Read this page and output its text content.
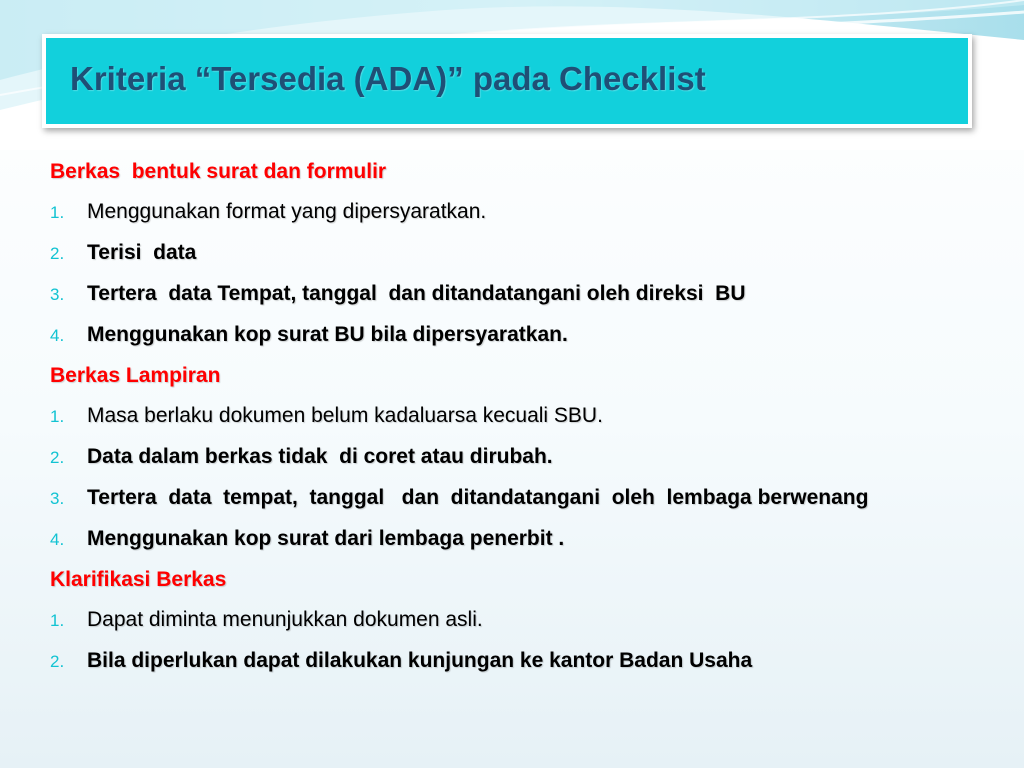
Kriteria “Tersedia (ADA)” pada Checklist
Berkas  bentuk surat dan formulir
1.	Menggunakan format yang dipersyaratkan.
2.	Terisi  data
3.	Tertera  data Tempat, tanggal  dan ditandatangani oleh direksi  BU
4.	Menggunakan kop surat BU bila dipersyaratkan.
Berkas Lampiran
1.	Masa berlaku dokumen belum kadaluarsa kecuali SBU.
2.	Data dalam berkas tidak  di coret atau dirubah.
3.	Tertera  data  tempat,  tanggal   dan  ditandatangani  oleh  lembaga berwenang
4.	Menggunakan kop surat dari lembaga penerbit .
Klarifikasi Berkas
1.	Dapat diminta menunjukkan dokumen asli.
2.	Bila diperlukan dapat dilakukan kunjungan ke kantor Badan Usaha
